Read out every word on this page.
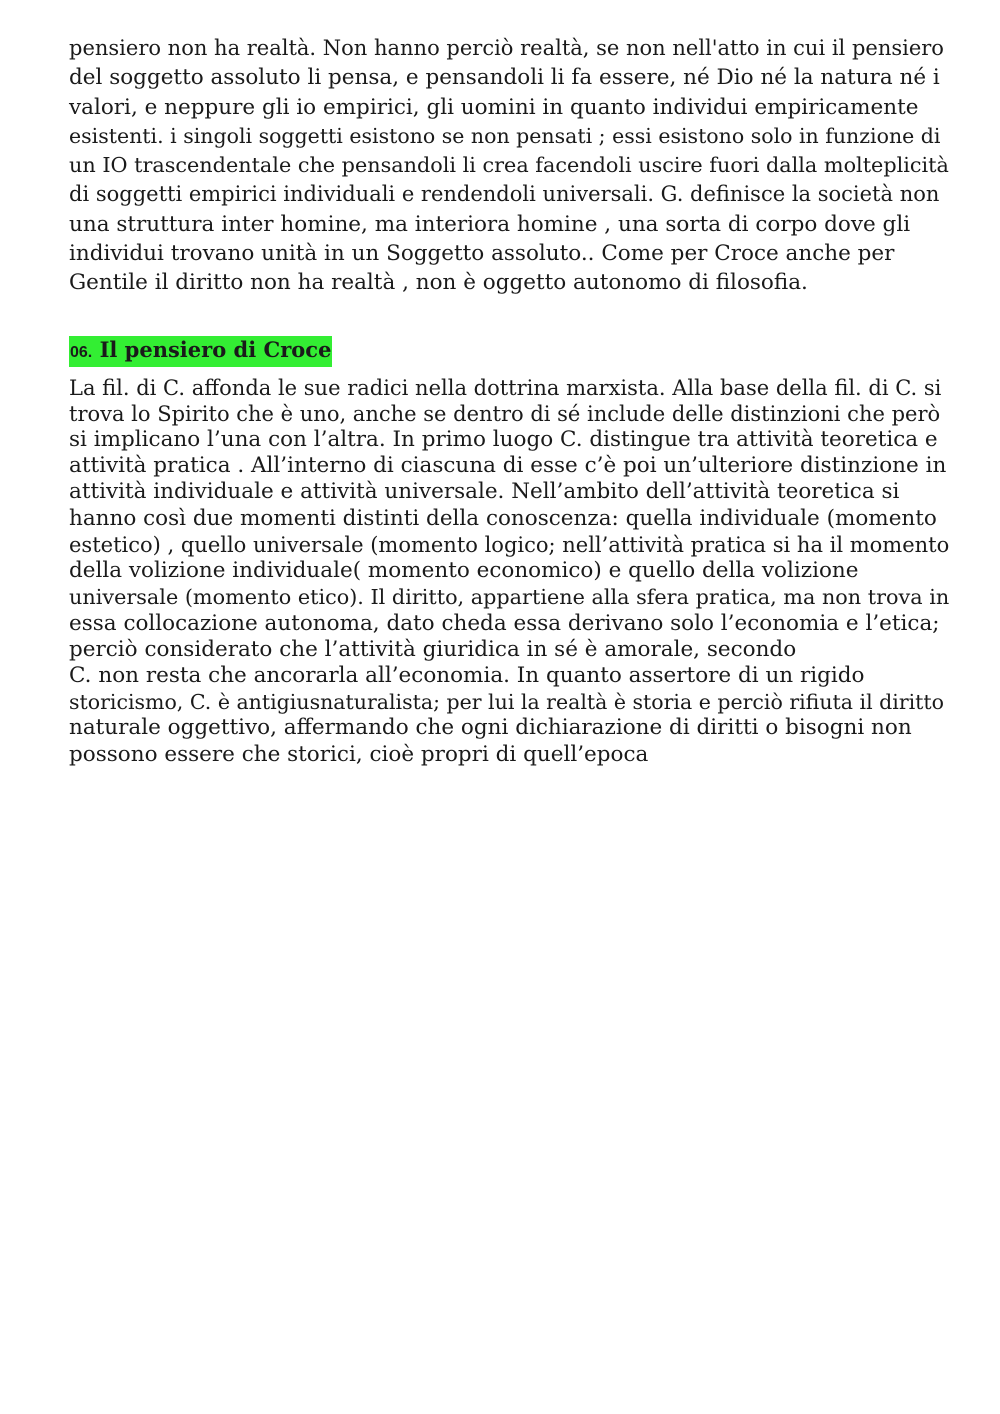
pensiero non ha realtà. Non hanno perciò realtà, se non nell'atto in cui il pensiero
del soggetto assoluto li pensa, e pensandoli li fa essere, né Dio né la natura né i
valori, e neppure gli io empirici, gli uomini in quanto individui empiricamente
esistenti. i singoli soggetti esistono se non pensati ; essi esistono solo in funzione di
un IO trascendentale che pensandoli li crea facendoli uscire fuori dalla molteplicità
di soggetti empirici individuali e rendendoli universali. G. definisce la società non
una struttura inter homine, ma interiora homine , una sorta di corpo dove gli
individui trovano unità in un Soggetto assoluto.. Come per Croce anche per
Gentile il diritto non ha realtà , non è oggetto autonomo di filosofia.

06. Il pensiero di Croce

La fil. di C. affonda le sue radici nella dottrina marxista. Alla base della fil. di C. si
trova lo Spirito che è uno, anche se dentro di sé include delle distinzioni che però
si implicano l’una con l’altra. In primo luogo C. distingue tra attività teoretica e
attività pratica . All’interno di ciascuna di esse c’è poi un’ulteriore distinzione in
attività individuale e attività universale. Nell’ambito dell’attività teoretica si
hanno così due momenti distinti della conoscenza: quella individuale (momento
estetico) , quello universale (momento logico; nell’attività pratica si ha il momento
della volizione individuale( momento economico) e quello della volizione
universale (momento etico). Il diritto, appartiene alla sfera pratica, ma non trova in
essa collocazione autonoma, dato cheda essa derivano solo l’economia e l’etica;
perciò considerato che l’attività giuridica in sé è amorale, secondo
C. non resta che ancorarla all’economia. In quanto assertore di un rigido
storicismo, C. è antigiusnaturalista; per lui la realtà è storia e perciò rifiuta il diritto
naturale oggettivo, affermando che ogni dichiarazione di diritti o bisogni non
possono essere che storici, cioè propri di quell’epoca
